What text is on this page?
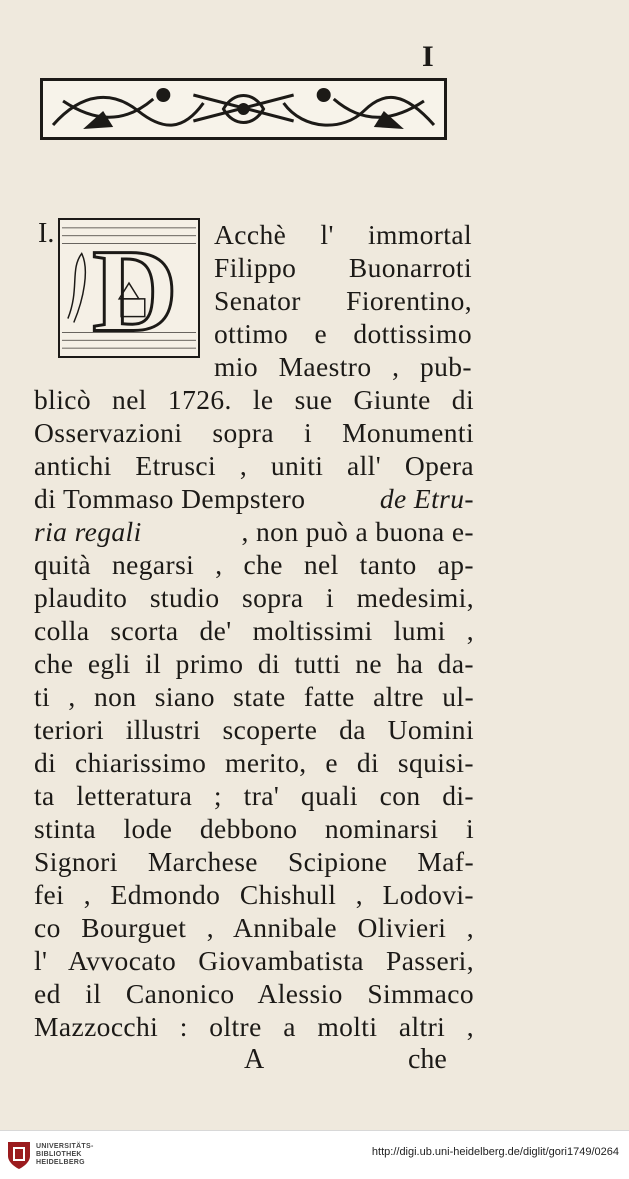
I
I. D Acchè l' immortal
Filippo Buonarroti
Senator Fiorentino,
ottimo e dottissimo
mio Maestro , pub-
blicò nel 1726. le sue Giunte di
Osservazioni sopra i Monumenti
antichi Etrusci , uniti all' Opera
di Tommaso Dempstero	de Etru-
ria regali	, non può a buona e-
quità negarsi , che nel tanto ap-
plaudito studio sopra i medesimi,
colla scorta de' moltissimi lumi ,
che egli il primo di tutti ne ha da-
ti , non siano state fatte altre ul-
teriori illustri scoperte da Uomini
di chiarissimo merito, e di squisi-
ta letteratura ; tra' quali con di-
stinta lode debbono nominarsi i
Signori Marchese Scipione Maf-
fei , Edmondo Chishull , Lodovi-
co Bourguet , Annibale Olivieri ,
l' Avvocato Giovambatista Passeri,
ed il Canonico Alessio Simmaco
Mazzocchi : oltre a molti altri ,
A	che
UNIVERSITÄTS-
BIBLIOTHEK
HEIDELBERG
http://digi.ub.uni-heidelberg.de/diglit/gori1749/0264
